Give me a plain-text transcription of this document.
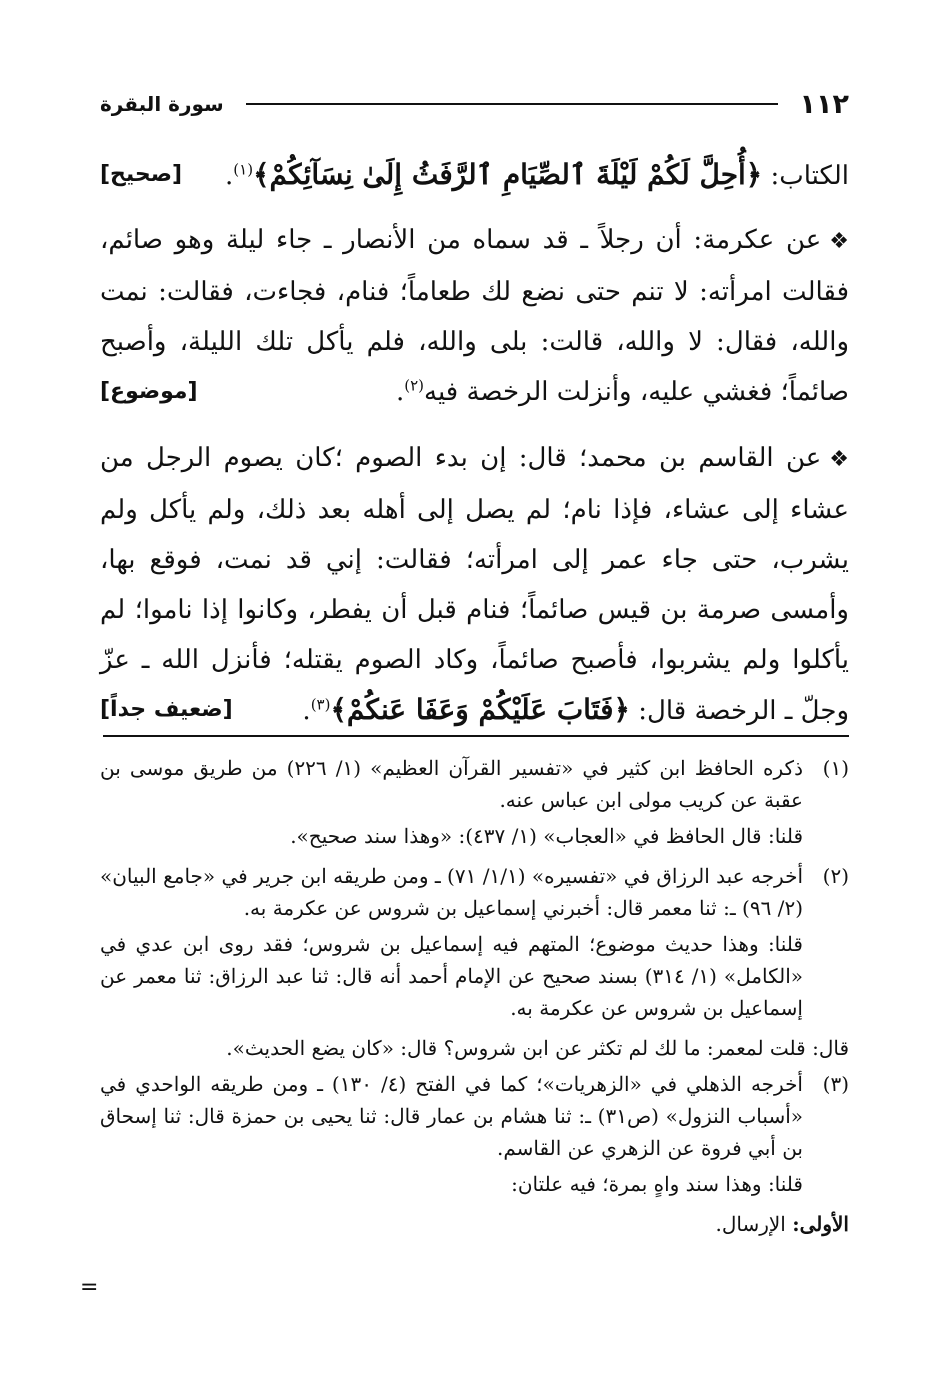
١١٢
سورة البقرة

[صحيح]	الكتاب: ﴿أُحِلَّ لَكُمْ لَيْلَةَ ٱلصِّيَامِ ٱلرَّفَثُ إِلَىٰ نِسَآئِكُمْ﴾$^{(١)}$.

❖عن عكرمة: أن رجلاً ـ قد سماه من الأنصار ـ جاء ليلة وهو صائم، فقالت امرأته: لا تنم حتى نضع لك طعاماً؛ فنام، فجاءت، فقالت: نمت والله، فقال: لا والله، قالت: بلى والله، فلم يأكل تلك الليلة، وأصبح صائماً؛ فغشي عليه، وأنزلت الرخصة فيه$^{(٢)}$.
[موضوع]

❖عن القاسم بن محمد؛ قال: إن بدء الصوم ؛كان يصوم الرجل من عشاء إلى عشاء، فإذا نام؛ لم يصل إلى أهله بعد ذلك، ولم يأكل ولم يشرب، حتى جاء عمر إلى امرأته؛ فقالت: إني قد نمت، فوقع بها، وأمسى صرمة بن قيس صائماً؛ فنام قبل أن يفطر، وكانوا إذا ناموا؛ لم يأكلوا ولم يشربوا، فأصبح صائماً، وكاد الصوم يقتله؛ فأنزل الله ـ عزّ وجلّ ـ الرخصة قال: ﴿فَتَابَ عَلَيْكُمْ وَعَفَا عَنكُمْ﴾$^{(٣)}$.
[ضعيف جداً]

(١)

ذكره الحافظ ابن كثير في «تفسير القرآن العظيم» (١/ ٢٢٦) من طريق موسى بن عقبة عن كريب مولى ابن عباس عنه.

قلنا: قال الحافظ في «العجاب» (١/ ٤٣٧): «وهذا سند صحيح».

(٢)

أخرجه عبد الرزاق في «تفسيره» (١/١/ ٧١) ـ ومن طريقه ابن جرير في «جامع البيان» (٢/ ٩٦) ـ: ثنا معمر قال: أخبرني إسماعيل بن شروس عن عكرمة به.

قلنا: وهذا حديث موضوع؛ المتهم فيه إسماعيل بن شروس؛ فقد روى ابن عدي في «الكامل» (١/ ٣١٤) بسند صحيح عن الإمام أحمد أنه قال: ثنا عبد الرزاق: ثنا معمر عن إسماعيل بن شروس عن عكرمة به.

قال: قلت لمعمر: ما لك لم تكثر عن ابن شروس؟ قال: «كان يضع الحديث».

(٣)

أخرجه الذهلي في «الزهريات»؛ كما في الفتح (٤/ ١٣٠) ـ ومن طريقه الواحدي في «أسباب النزول» (ص٣١) ـ: ثنا هشام بن عمار قال: ثنا يحيى بن حمزة قال: ثنا إسحاق بن أبي فروة عن الزهري عن القاسم.

قلنا: وهذا سند واهٍ بمرة؛ فيه علتان:

الأولى: الإرسال.

=
